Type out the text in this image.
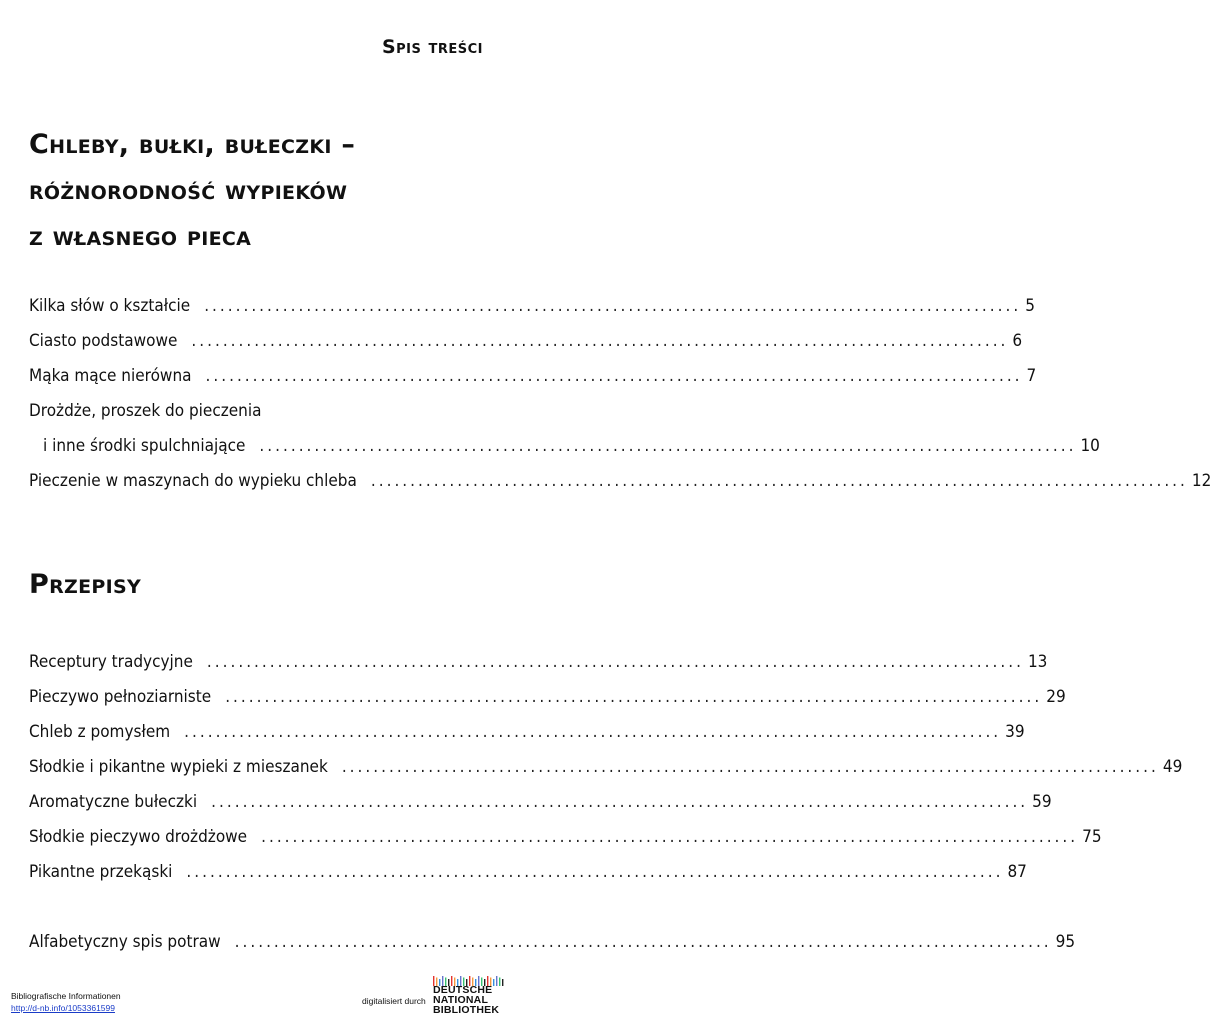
Spis treści
Chleby, bułki, bułeczki –
różnorodność wypieków
z własnego pieca
Kilka słów o kształcie ........................................................................................................ 5
Ciasto podstawowe ........................................................................................................ 6
Mąka mące nierówna ........................................................................................................ 7
Drożdże, proszek do pieczenia
i inne środki spulchniające ........................................................................................................ 10
Pieczenie w maszynach do wypieku chleba ........................................................................................................ 12
Przepisy
Receptury tradycyjne ........................................................................................................ 13
Pieczywo pełnoziarniste ........................................................................................................ 29
Chleb z pomysłem ........................................................................................................ 39
Słodkie i pikantne wypieki z mieszanek ........................................................................................................ 49
Aromatyczne bułeczki ........................................................................................................ 59
Słodkie pieczywo drożdżowe ........................................................................................................ 75
Pikantne przekąski ........................................................................................................ 87
Alfabetyczny spis potraw ........................................................................................................ 95
Bibliografische Informationen
http://d-nb.info/1053361599
digitalisiert durch
DEUTSCHE
NATIONAL
BIBLIOTHEK
